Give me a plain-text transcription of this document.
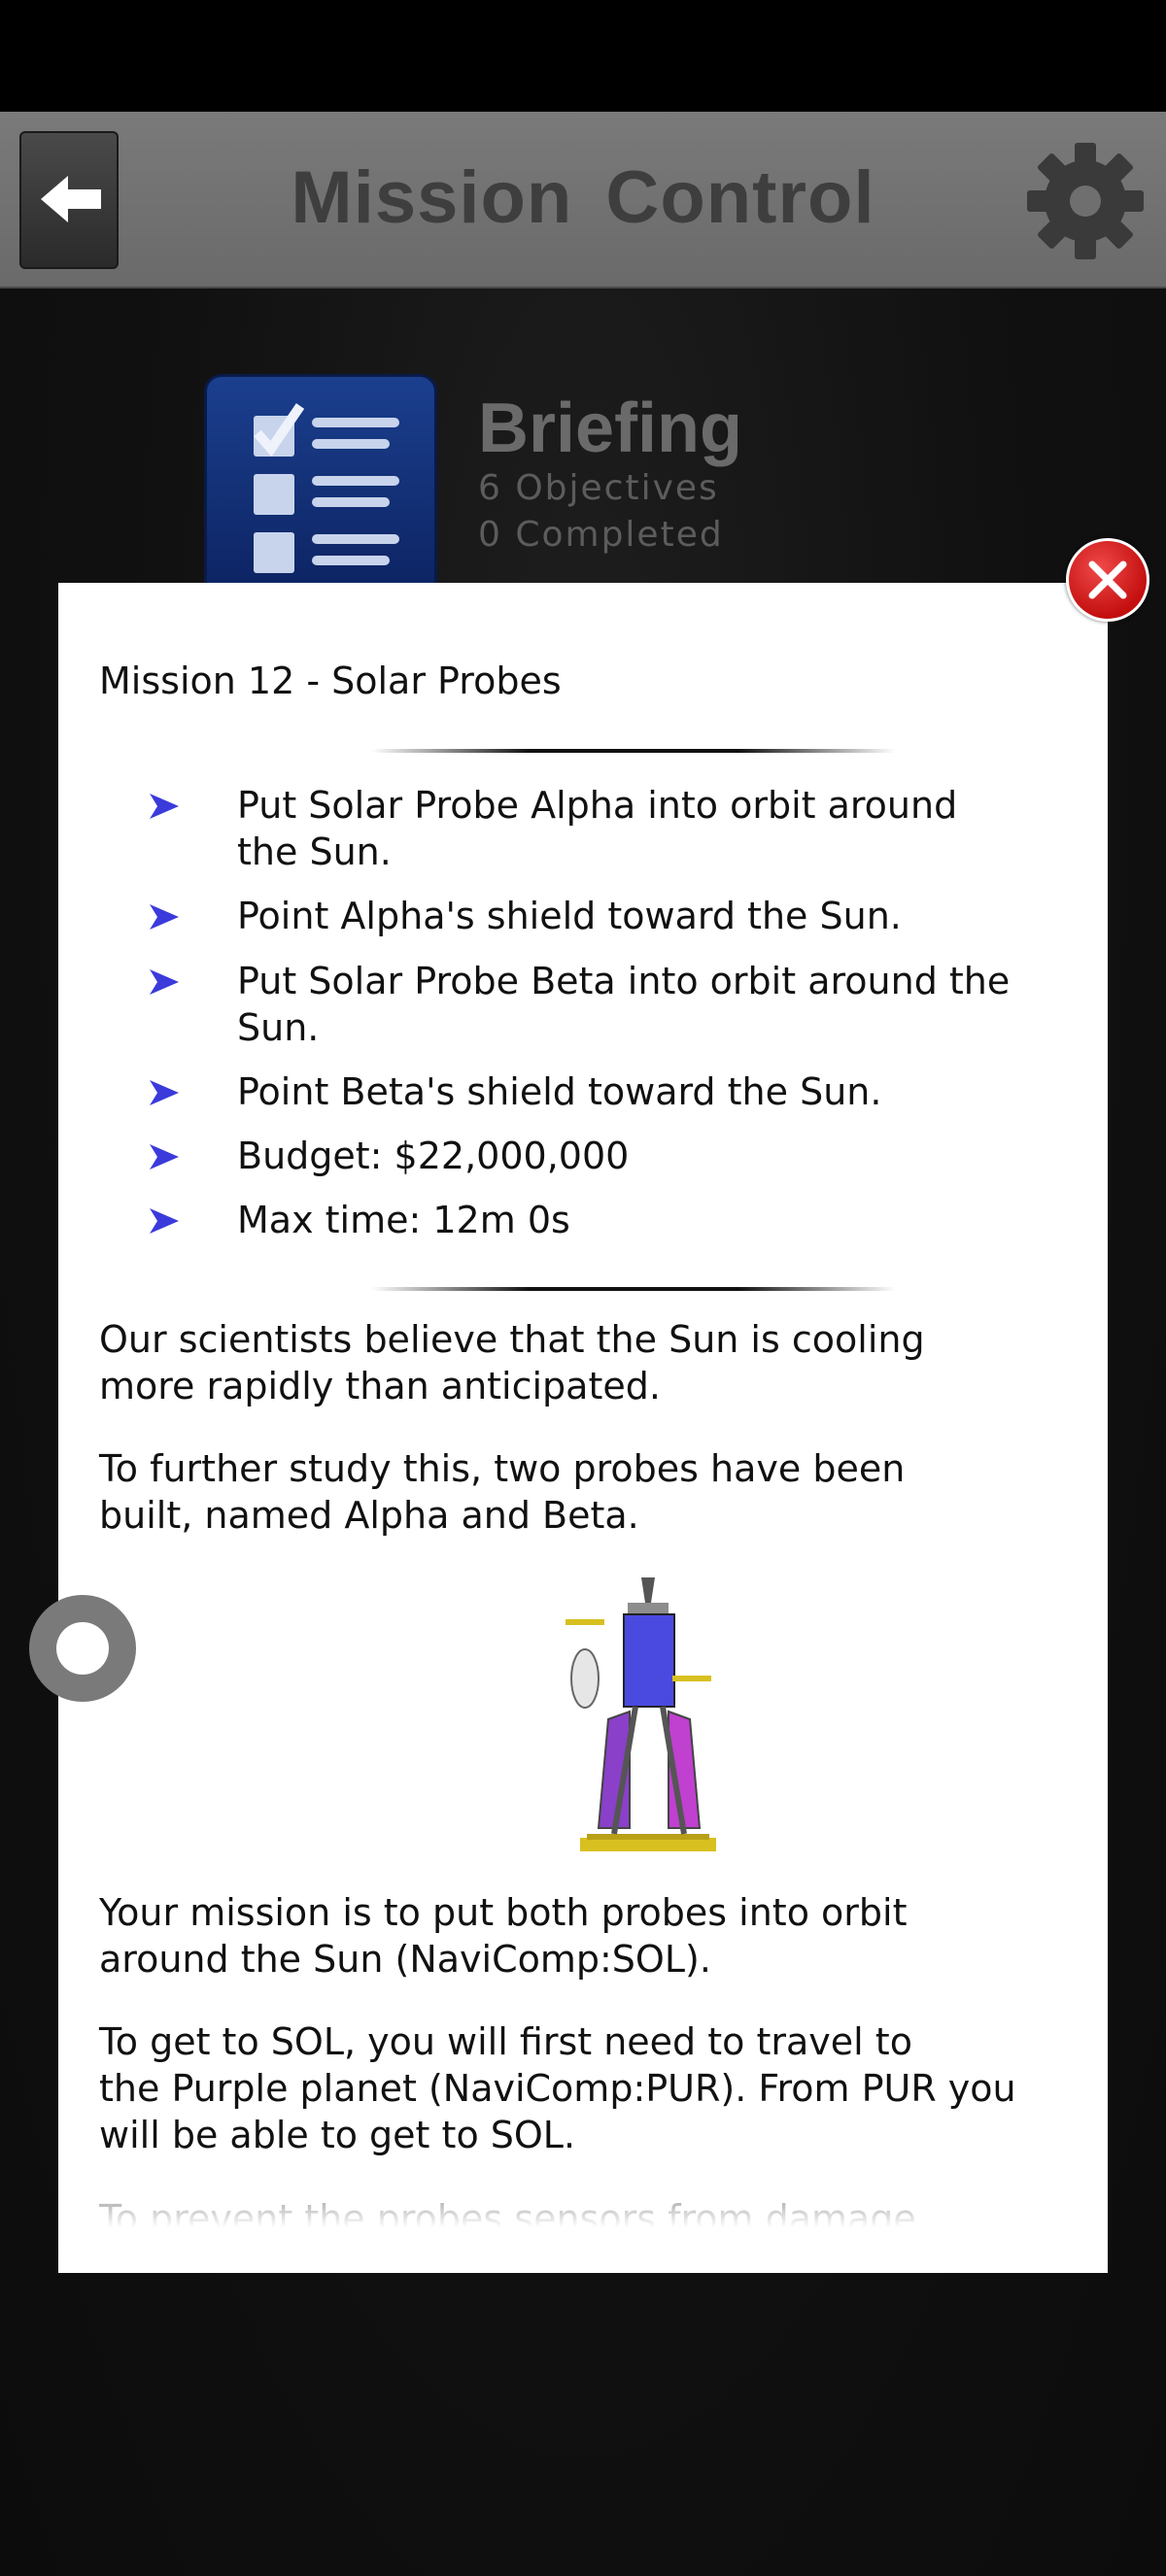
Mission Control
Briefing
6 Objectives
0 Completed
Mission 12 - Solar Probes
Put Solar Probe Alpha into orbit around
the Sun.
Point Alpha's shield toward the Sun.
Put Solar Probe Beta into orbit around the
Sun.
Point Beta's shield toward the Sun.
Budget: $22,000,000
Max time: 12m 0s
Our scientists believe that the Sun is cooling
more rapidly than anticipated.
To further study this, two probes have been
built, named Alpha and Beta.
Your mission is to put both probes into orbit
around the Sun (NaviComp:SOL).
To get to SOL, you will first need to travel to
the Purple planet (NaviComp:PUR). From PUR you
will be able to get to SOL.
